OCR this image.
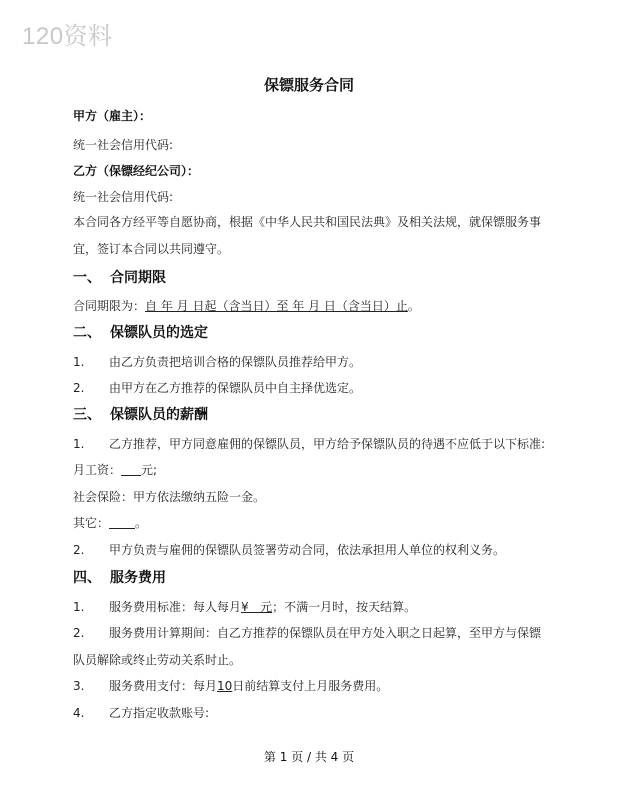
120资料
保镖服务合同
甲方（雇主）：
统一社会信用代码:
乙方（保镖经纪公司）：
统一社会信用代码:
本合同各方经平等自愿协商，根据《中华人民共和国民法典》及相关法规，就保镖服务事
宜，签订本合同以共同遵守。
一、 合同期限
合同期限为：自 年 月 日起（含当日）至 年 月 日（含当日）止。
二、 保镖队员的选定
1. 由乙方负责把培训合格的保镖队员推荐给甲方。
2. 由甲方在乙方推荐的保镖队员中自主择优选定。
三、 保镖队员的薪酬
1. 乙方推荐，甲方同意雇佣的保镖队员，甲方给予保镖队员的待遇不应低于以下标准:
月工资： 元;
社会保险：甲方依法缴纳五险一金。
其它： 。
2. 甲方负责与雇佣的保镖队员签署劳动合同，依法承担用人单位的权利义务。
四、 服务费用
1. 服务费用标准：每人每月¥   元；不满一月时，按天结算。
2. 服务费用计算期间：自乙方推荐的保镖队员在甲方处入职之日起算，至甲方与保镖
队员解除或终止劳动关系时止。
3. 服务费用支付：每月10日前结算支付上月服务费用。
4. 乙方指定收款账号:
第 1 页 / 共 4 页
